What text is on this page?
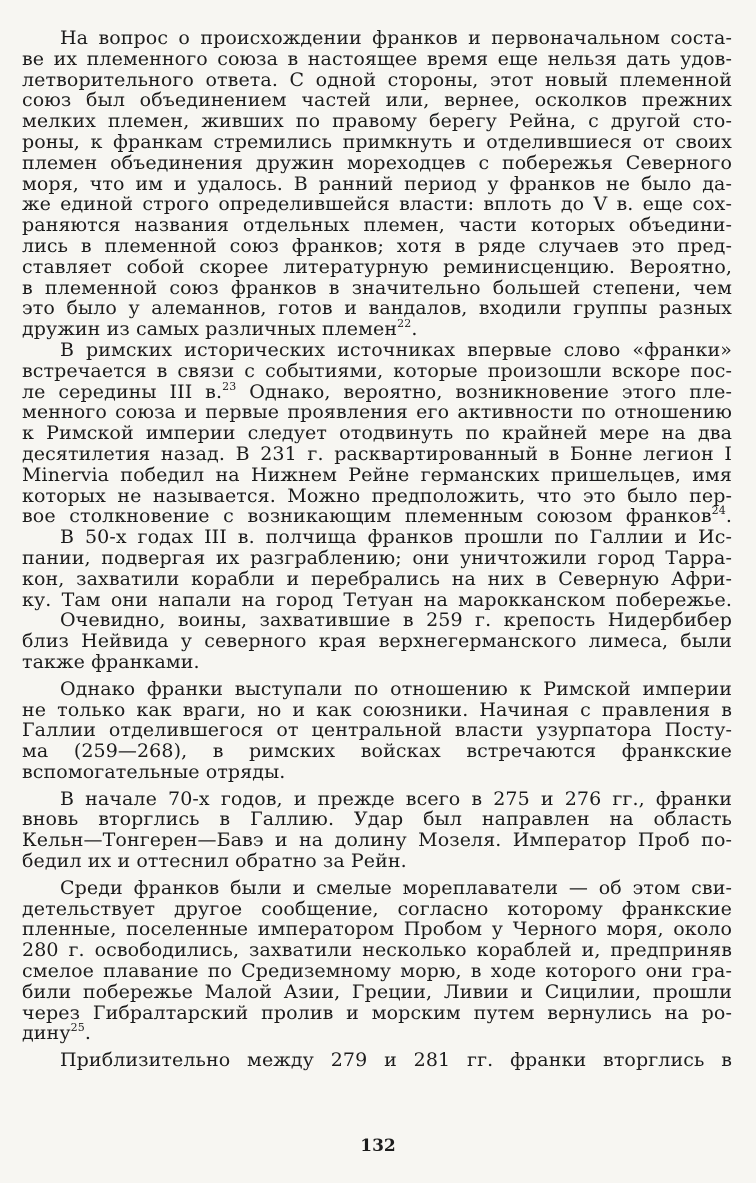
На вопрос о происхождении франков и первоначальном соста-
ве их племенного союза в настоящее время еще нельзя дать удов-
летворительного ответа. С одной стороны, этот новый племенной
союз был объединением частей или, вернее, осколков прежних
мелких племен, живших по правому берегу Рейна, с другой сто-
роны, к франкам стремились примкнуть и отделившиеся от своих
племен объединения дружин мореходцев с побережья Северного
моря, что им и удалось. В ранний период у франков не было да-
же единой строго определившейся власти: вплоть до V в. еще сох-
раняются названия отдельных племен, части которых объедини-
лись в племенной союз франков; хотя в ряде случаев это пред-
ставляет собой скорее литературную реминисценцию. Вероятно,
в племенной союз франков в значительно большей степени, чем
это было у алеманнов, готов и вандалов, входили группы разных
дружин из самых различных племен$^{22}$.
В римских исторических источниках впервые слово «франки»
встречается в связи с событиями, которые произошли вскоре пос-
ле середины III в.$^{23}$ Однако, вероятно, возникновение этого пле-
менного союза и первые проявления его активности по отношению
к Римской империи следует отодвинуть по крайней мере на два
десятилетия назад. В 231 г. расквартированный в Бонне легион I
Minervia победил на Нижнем Рейне германских пришельцев, имя
которых не называется. Можно предположить, что это было пер-
вое столкновение с возникающим племенным союзом франков$^{24}$.
В 50-х годах III в. полчища франков прошли по Галлии и Ис-
пании, подвергая их разграблению; они уничтожили город Тарра-
кон, захватили корабли и перебрались на них в Северную Афри-
ку. Там они напали на город Тетуан на марокканском побережье.
Очевидно, воины, захватившие в 259 г. крепость Нидербибер
близ Нейвида у северного края верхнегерманского лимеса, были
также франками.
Однако франки выступали по отношению к Римской империи
не только как враги, но и как союзники. Начиная с правления в
Галлии отделившегося от центральной власти узурпатора Посту-
ма (259—268), в римских войсках встречаются франкские
вспомогательные отряды.
В начале 70-х годов, и прежде всего в 275 и 276 гг., франки
вновь вторглись в Галлию. Удар был направлен на область
Кельн—Тонгерен—Бавэ и на долину Мозеля. Император Проб по-
бедил их и оттеснил обратно за Рейн.
Среди франков были и смелые мореплаватели — об этом сви-
детельствует другое сообщение, согласно которому франкские
пленные, поселенные императором Пробом у Черного моря, около
280 г. освободились, захватили несколько кораблей и, предприняв
смелое плавание по Средиземному морю, в ходе которого они гра-
били побережье Малой Азии, Греции, Ливии и Сицилии, прошли
через Гибралтарский пролив и морским путем вернулись на ро-
дину$^{25}$.
Приблизительно между 279 и 281 гг. франки вторглись в
132
